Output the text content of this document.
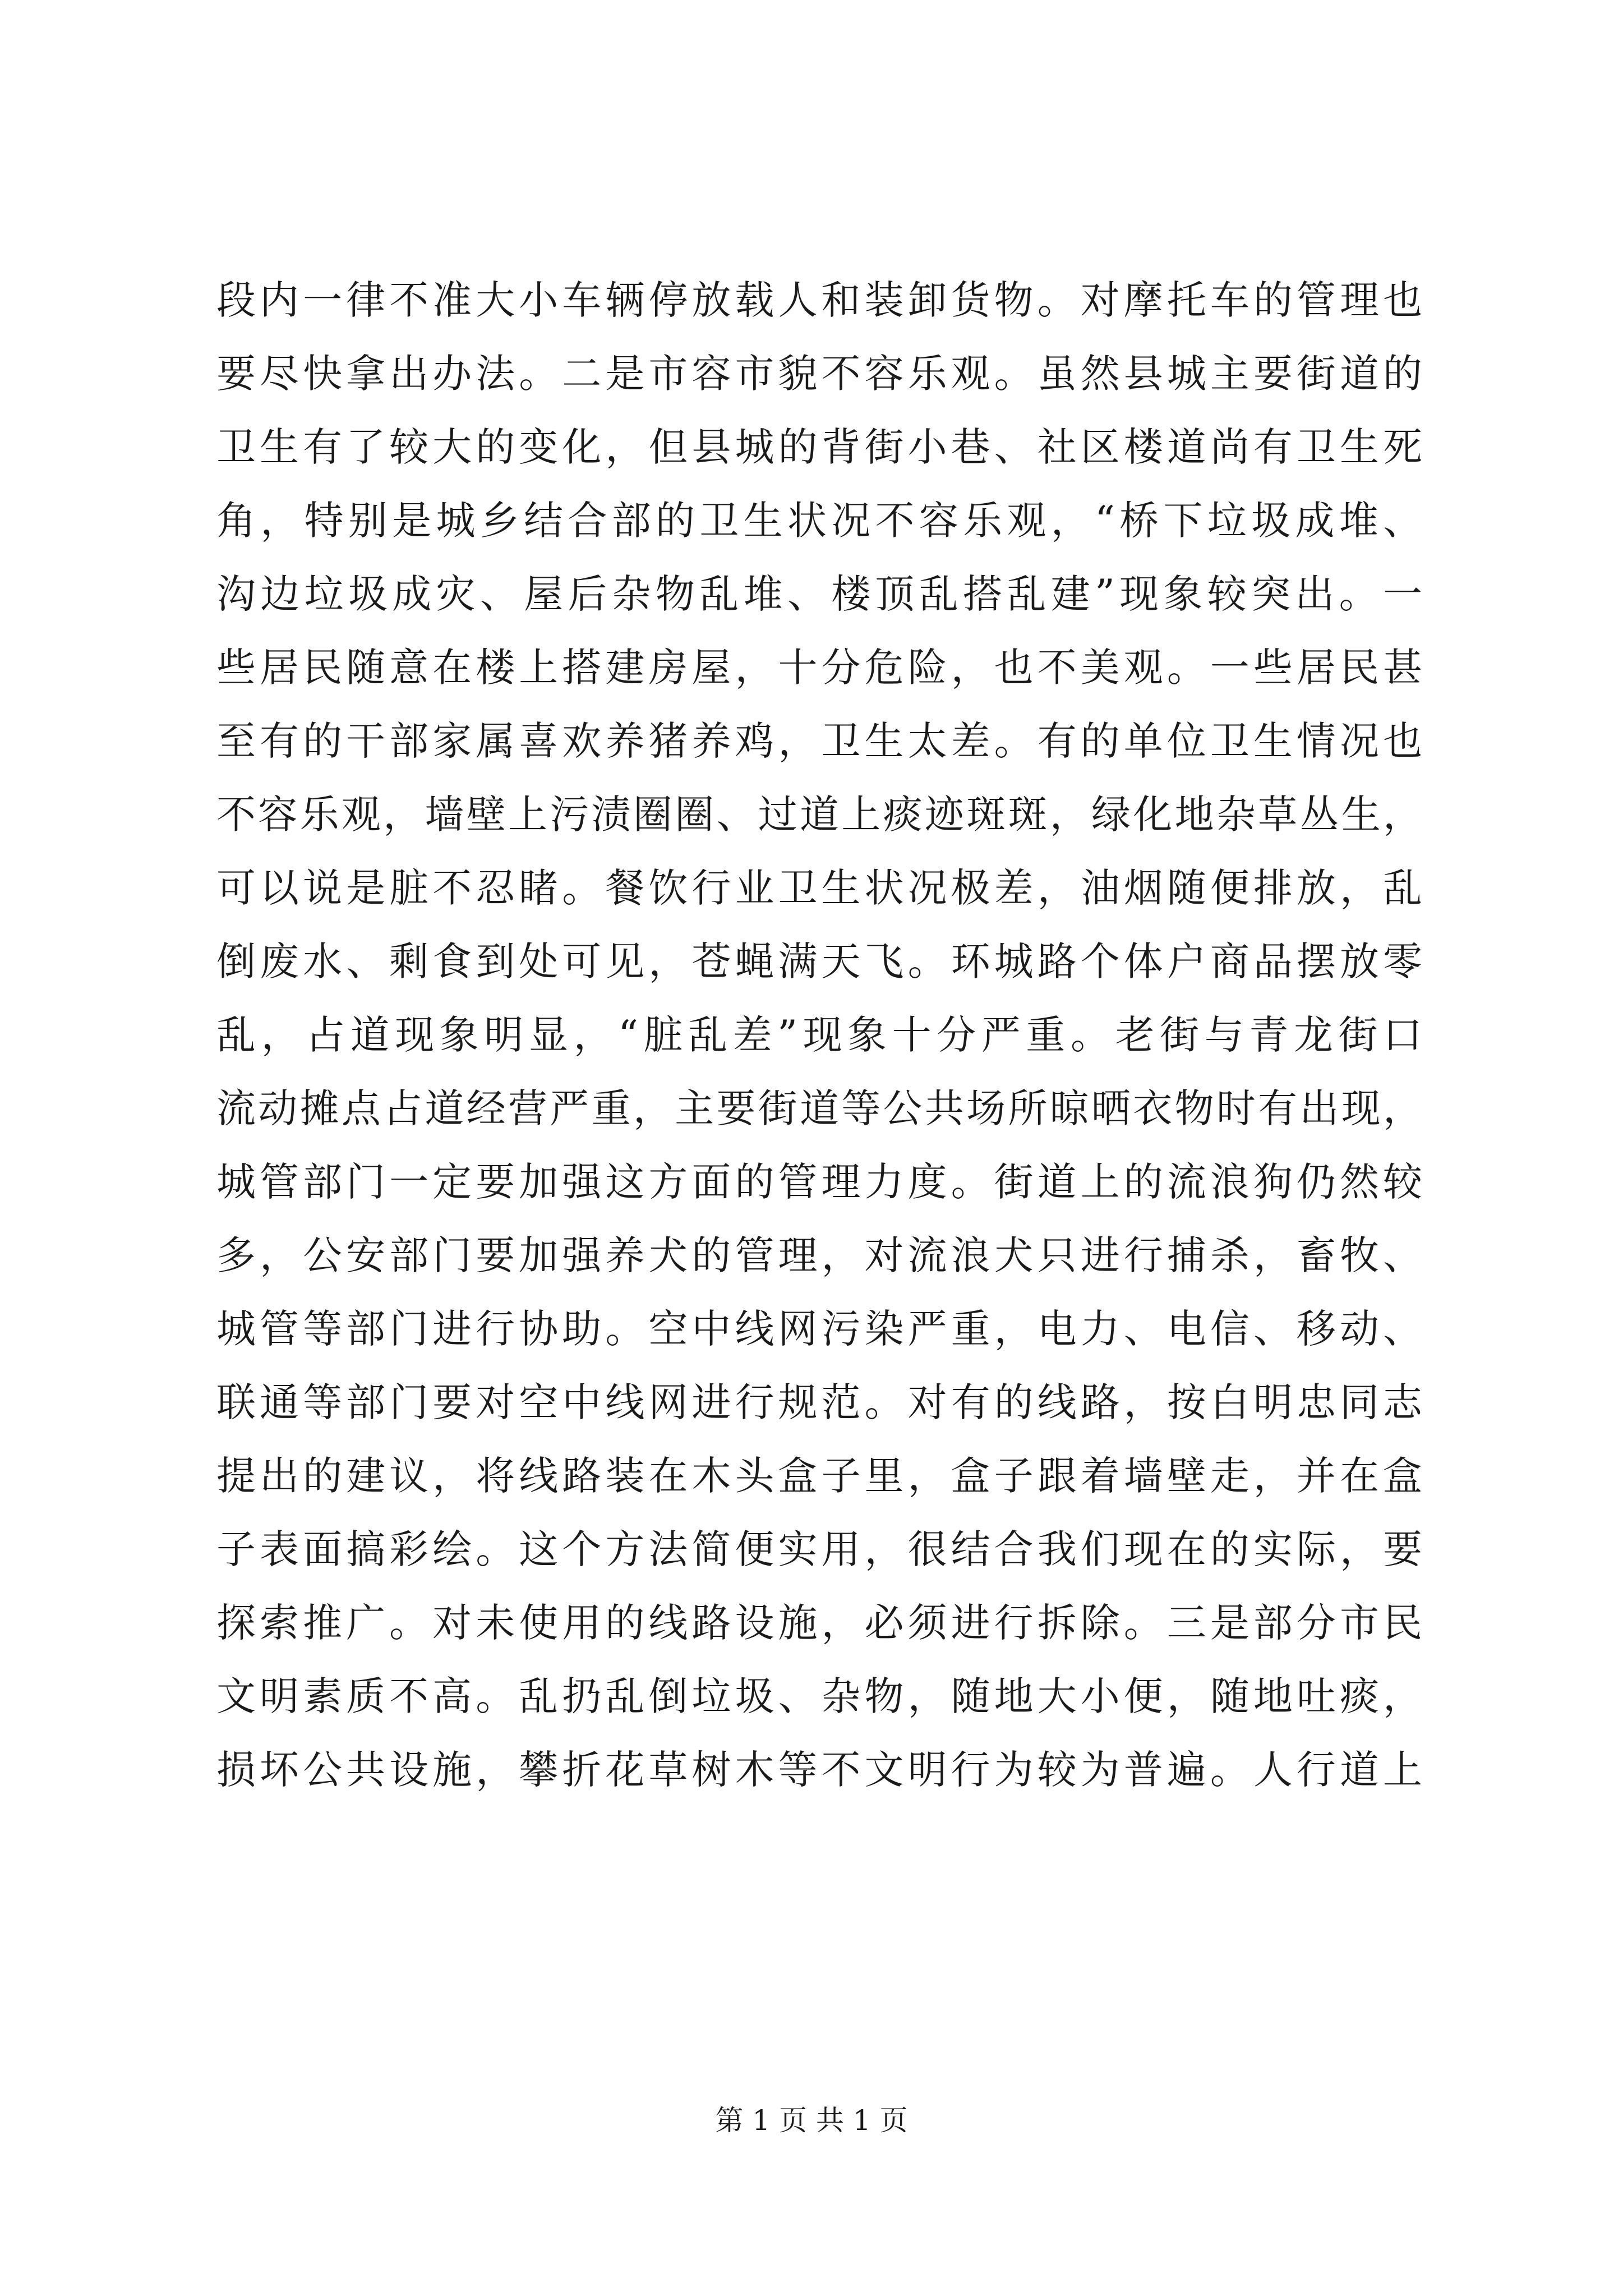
段内一律不准大小车辆停放载人和装卸货物。对摩托车的管理也
要尽快拿出办法。二是市容市貌不容乐观。虽然县城主要街道的
卫生有了较大的变化，但县城的背街小巷、社区楼道尚有卫生死
角，特别是城乡结合部的卫生状况不容乐观，“桥下垃圾成堆、
沟边垃圾成灾、屋后杂物乱堆、楼顶乱搭乱建”现象较突出。一
些居民随意在楼上搭建房屋，十分危险，也不美观。一些居民甚
至有的干部家属喜欢养猪养鸡，卫生太差。有的单位卫生情况也
不容乐观，墙壁上污渍圈圈、过道上痰迹斑斑，绿化地杂草丛生，
可以说是脏不忍睹。餐饮行业卫生状况极差，油烟随便排放，乱
倒废水、剩食到处可见，苍蝇满天飞。环城路个体户商品摆放零
乱，占道现象明显，“脏乱差”现象十分严重。老街与青龙街口
流动摊点占道经营严重，主要街道等公共场所晾晒衣物时有出现，
城管部门一定要加强这方面的管理力度。街道上的流浪狗仍然较
多，公安部门要加强养犬的管理，对流浪犬只进行捕杀，畜牧、
城管等部门进行协助。空中线网污染严重，电力、电信、移动、
联通等部门要对空中线网进行规范。对有的线路，按白明忠同志
提出的建议，将线路装在木头盒子里，盒子跟着墙壁走，并在盒
子表面搞彩绘。这个方法简便实用，很结合我们现在的实际，要
探索推广。对未使用的线路设施，必须进行拆除。三是部分市民
文明素质不高。乱扔乱倒垃圾、杂物，随地大小便，随地吐痰，
损坏公共设施，攀折花草树木等不文明行为较为普遍。人行道上
第 1 页 共 1 页
